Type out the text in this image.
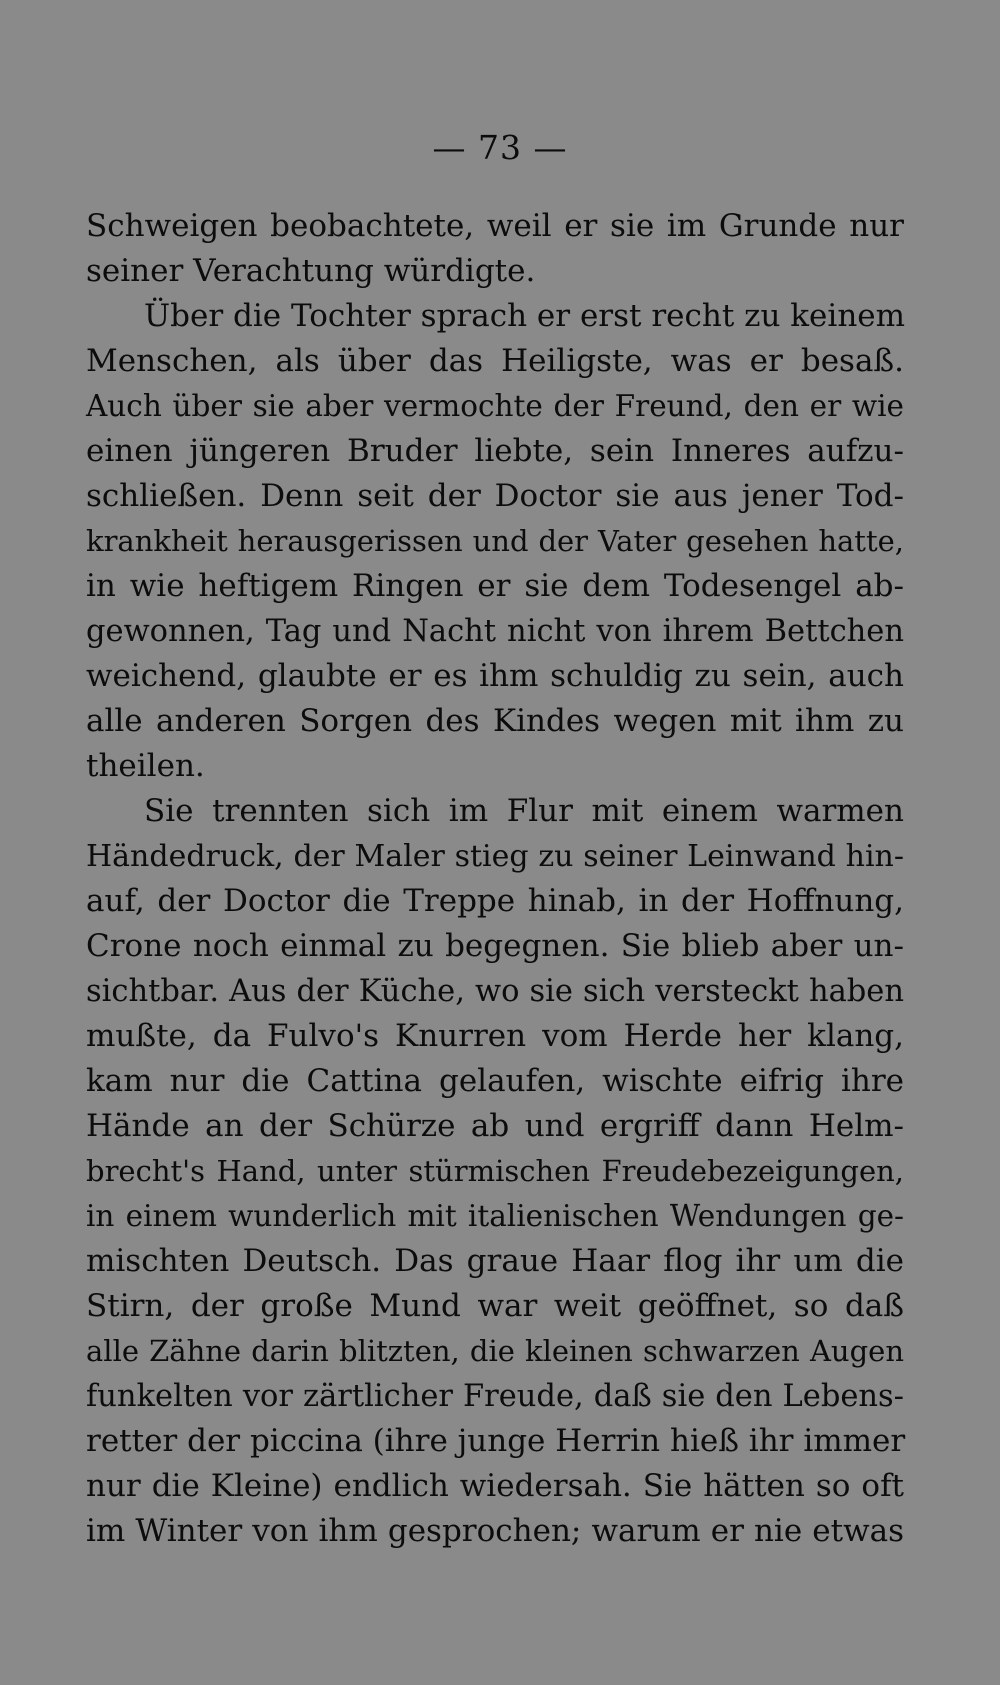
— 73 —
Schweigen beobachtete, weil er sie im Grunde nur
seiner Verachtung würdigte.
Über die Tochter sprach er erst recht zu keinem
Menschen, als über das Heiligste, was er besaß.
Auch über sie aber vermochte der Freund, den er wie
einen jüngeren Bruder liebte, sein Inneres aufzu-
schließen. Denn seit der Doctor sie aus jener Tod-
krankheit herausgerissen und der Vater gesehen hatte,
in wie heftigem Ringen er sie dem Todesengel ab-
gewonnen, Tag und Nacht nicht von ihrem Bettchen
weichend, glaubte er es ihm schuldig zu sein, auch
alle anderen Sorgen des Kindes wegen mit ihm zu
theilen.
Sie trennten sich im Flur mit einem warmen
Händedruck, der Maler stieg zu seiner Leinwand hin-
auf, der Doctor die Treppe hinab, in der Hoffnung,
Crone noch einmal zu begegnen. Sie blieb aber un-
sichtbar. Aus der Küche, wo sie sich versteckt haben
mußte, da Fulvo's Knurren vom Herde her klang,
kam nur die Cattina gelaufen, wischte eifrig ihre
Hände an der Schürze ab und ergriff dann Helm-
brecht's Hand, unter stürmischen Freudebezeigungen,
in einem wunderlich mit italienischen Wendungen ge-
mischten Deutsch. Das graue Haar flog ihr um die
Stirn, der große Mund war weit geöffnet, so daß
alle Zähne darin blitzten, die kleinen schwarzen Augen
funkelten vor zärtlicher Freude, daß sie den Lebens-
retter der piccina (ihre junge Herrin hieß ihr immer
nur die Kleine) endlich wiedersah. Sie hätten so oft
im Winter von ihm gesprochen; warum er nie etwas
